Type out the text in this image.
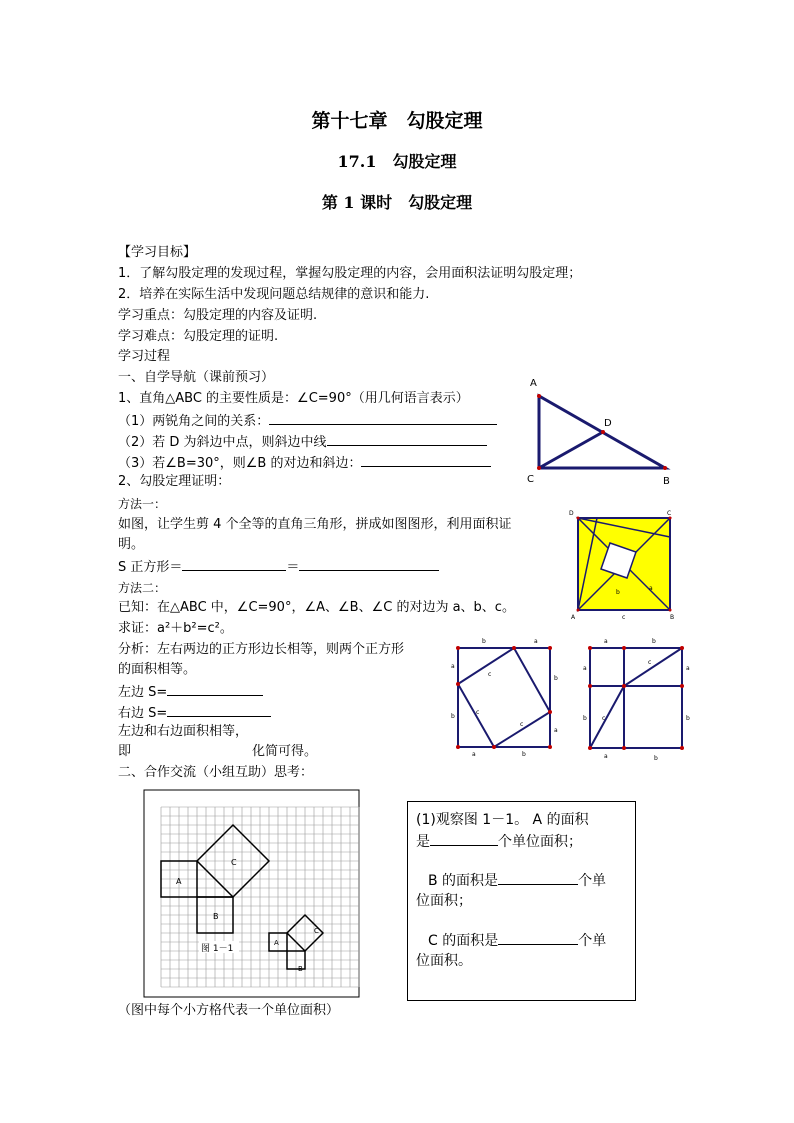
第十七章　勾股定理
17.1　勾股定理
第 1 课时　勾股定理
【学习目标】
1．了解勾股定理的发现过程，掌握勾股定理的内容，会用面积法证明勾股定理；
2．培养在实际生活中发现问题总结规律的意识和能力.
学习重点：勾股定理的内容及证明.
学习难点：勾股定理的证明.
学习过程
一、自学导航（课前预习）
1、直角△ABC 的主要性质是：∠C=90°（用几何语言表示）
（1）两锐角之间的关系：
（2）若 D 为斜边中点，则斜边中线
（3）若∠B=30°，则∠B 的对边和斜边：
2、勾股定理证明：
方法一：
如图，让学生剪 4 个全等的直角三角形，拼成如图图形，利用面积证
明。
S 正方形＝	＝
方法二：
已知：在△ABC 中，∠C=90°，∠A、∠B、∠C 的对边为 a、b、c。
求证：a²＋b²=c²。
分析：左右两边的正方形边长相等，则两个正方形
的面积相等。
左边 S=
右边 S=
左边和右边面积相等，
即	化简可得。
二、合作交流（小组互助）思考：
A
D
C	B
D	C
A	B
c
b
a
b	a
a
b
b
a
a	b
c
c
c
a	b
a
b
a
b
a	b
c
c
A
B
C
A
B
C
图 1－1
（图中每个小方格代表一个单位面积）
(1)观察图 1－1。 A 的面积
是	个单位面积；
B 的面积是	个单
位面积；
C 的面积是	个单
位面积。
